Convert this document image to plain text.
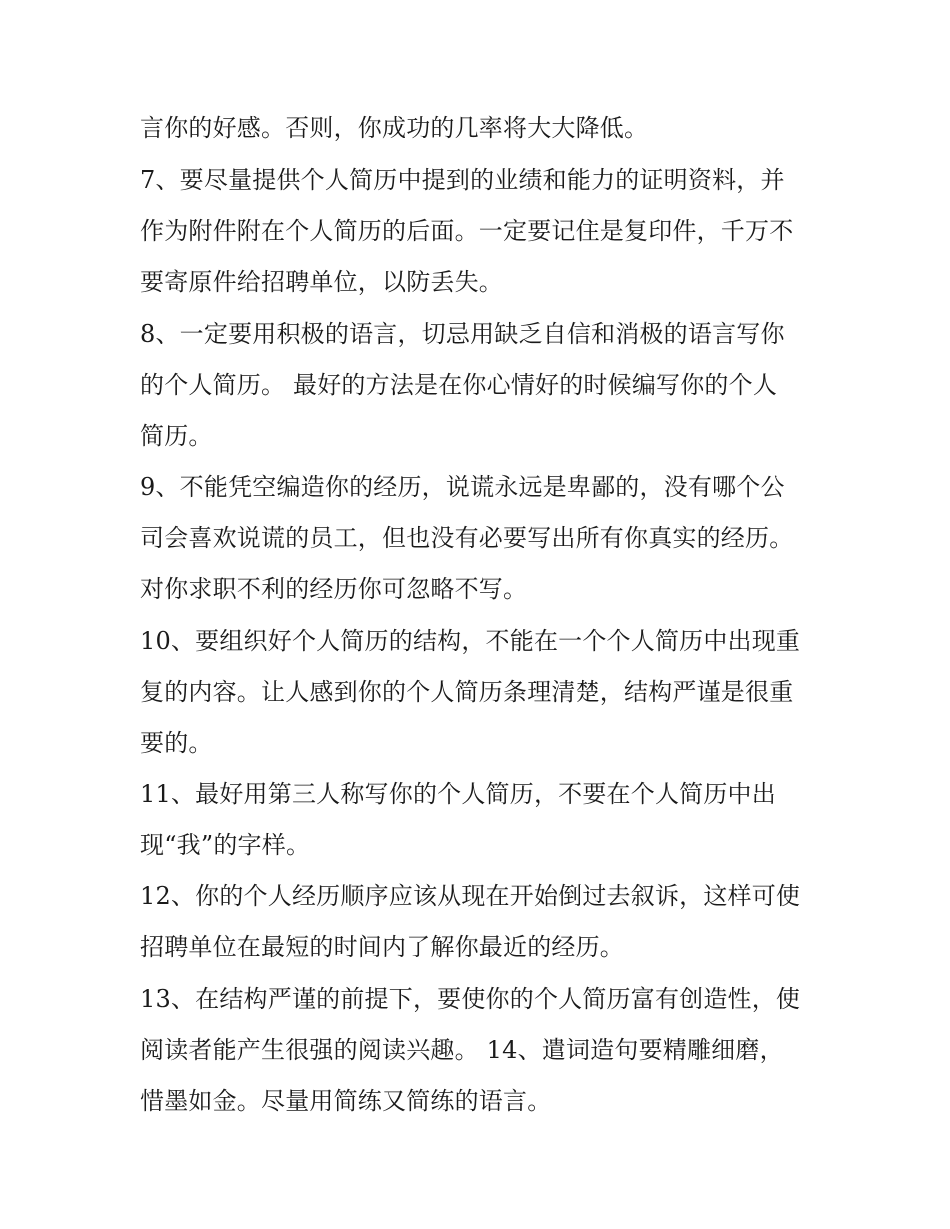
言你的好感。否则，你成功的几率将大大降低。
7、要尽量提供个人简历中提到的业绩和能力的证明资料，并
作为附件附在个人简历的后面。一定要记住是复印件，千万不
要寄原件给招聘单位，以防丢失。
8、一定要用积极的语言，切忌用缺乏自信和消极的语言写你
的个人简历。 最好的方法是在你心情好的时候编写你的个人
简历。
9、不能凭空编造你的经历，说谎永远是卑鄙的，没有哪个公
司会喜欢说谎的员工，但也没有必要写出所有你真实的经历。
对你求职不利的经历你可忽略不写。
10、要组织好个人简历的结构，不能在一个个人简历中出现重
复的内容。让人感到你的个人简历条理清楚，结构严谨是很重
要的。
11、最好用第三人称写你的个人简历，不要在个人简历中出
现“我”的字样。
12、你的个人经历顺序应该从现在开始倒过去叙诉，这样可使
招聘单位在最短的时间内了解你最近的经历。
13、在结构严谨的前提下，要使你的个人简历富有创造性，使
阅读者能产生很强的阅读兴趣。 14、遣词造句要精雕细磨，
惜墨如金。尽量用简练又简练的语言。
